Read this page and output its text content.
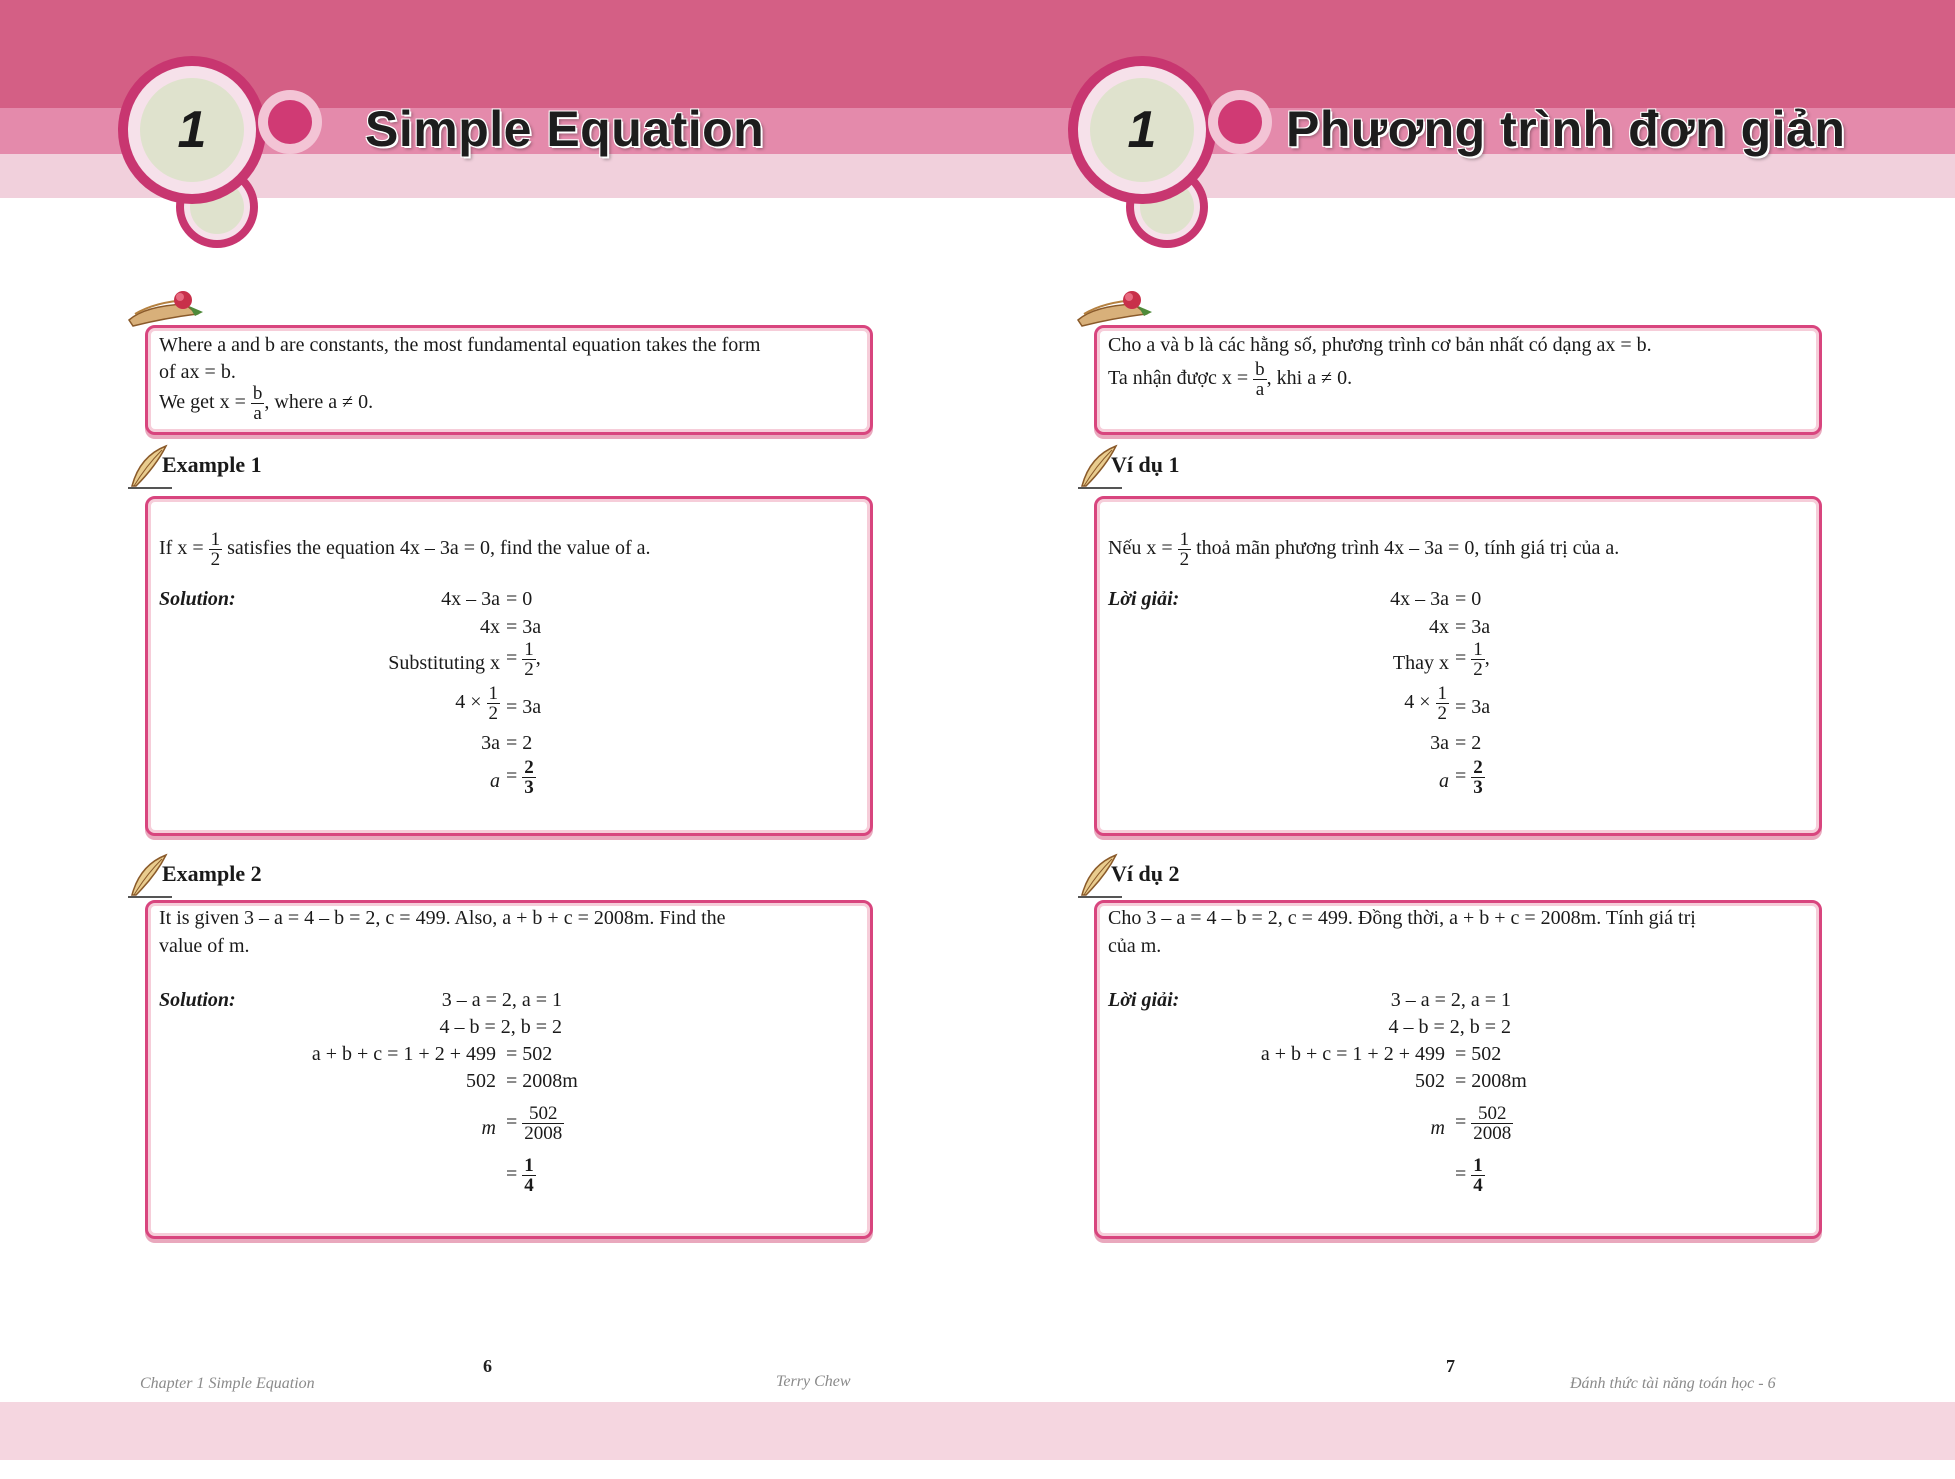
1	Simple Equation	1	Phương trình đơn giản
Where a and b are constants, the most fundamental equation takes the form
of ax = b.
We get $x = \frac{b}{a}$ , where a ≠ 0.
Example 1
If $x = \frac{1}{2}$ satisfies the equation 4x – 3a = 0, find the value of a.
Solution:	4x – 3a = 0
4x = 3a
Substituting $x = \frac{1}{2}$ ,
$4 \times \frac{1}{2} = 3a$
3a = 2
$a = \frac{2}{3}$
Example 2
It is given 3 – a = 4 – b = 2, c = 499. Also, a + b + c = 2008m. Find the
value of m.
Solution:	3 – a = 2, a = 1
4 – b = 2, b = 2
a + b + c = 1 + 2 + 499 = 502
502 = 2008m
$m = \frac{502}{2008}$
= $\frac{1}{4}$
Chapter 1 Simple Equation
6
Terry Chew
Cho a và b là các hằng số, phương trình cơ bản nhất có dạng ax = b.
Ta nhận được $x = \frac{b}{a}$ , khi a ≠ 0.
Ví dụ 1
Nếu $x = \frac{1}{2}$ thoả mãn phương trình 4x – 3a = 0, tính giá trị của a.
Lời giải:	4x – 3a = 0
4x = 3a
Thay $x = \frac{1}{2}$ ,
$4 \times \frac{1}{2} = 3a$
3a = 2
$a = \frac{2}{3}$
Ví dụ 2
Cho 3 – a = 4 – b = 2, c = 499. Đồng thời, a + b + c = 2008m. Tính giá trị
của m.
Lời giải:	3 – a = 2, a = 1
4 – b = 2, b = 2
a + b + c = 1 + 2 + 499 = 502
502 = 2008m
$m = \frac{502}{2008}$
= $\frac{1}{4}$
7
Đánh thức tài năng toán học - 6
